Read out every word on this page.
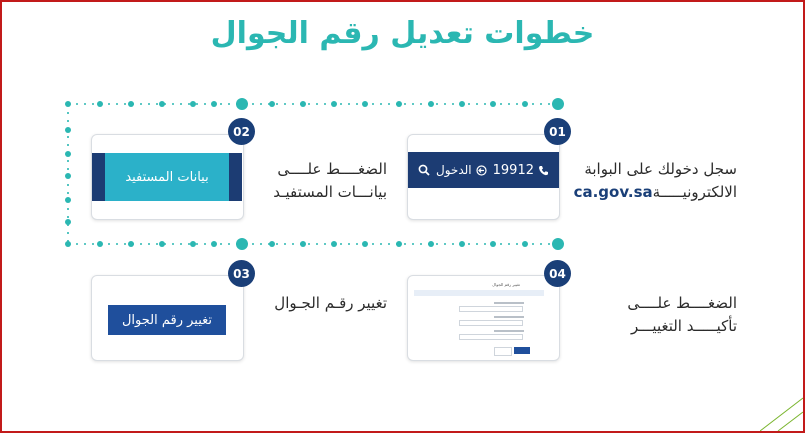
خطوات تعديل رقم الجوال
الدخول 19912
01
سجل دخولك على البوابة
الالكترونيـــــةca.gov.sa
بيانات المستفيد
02
الضغــــط علــــى
بيانـــات المستفيـد
تغيير رقم الجوال
03
تغيير رقـم الجـوال
تغيير رقم الجوال
04
الضغــــط علــــى
تأكيـــــد التغييـــر
